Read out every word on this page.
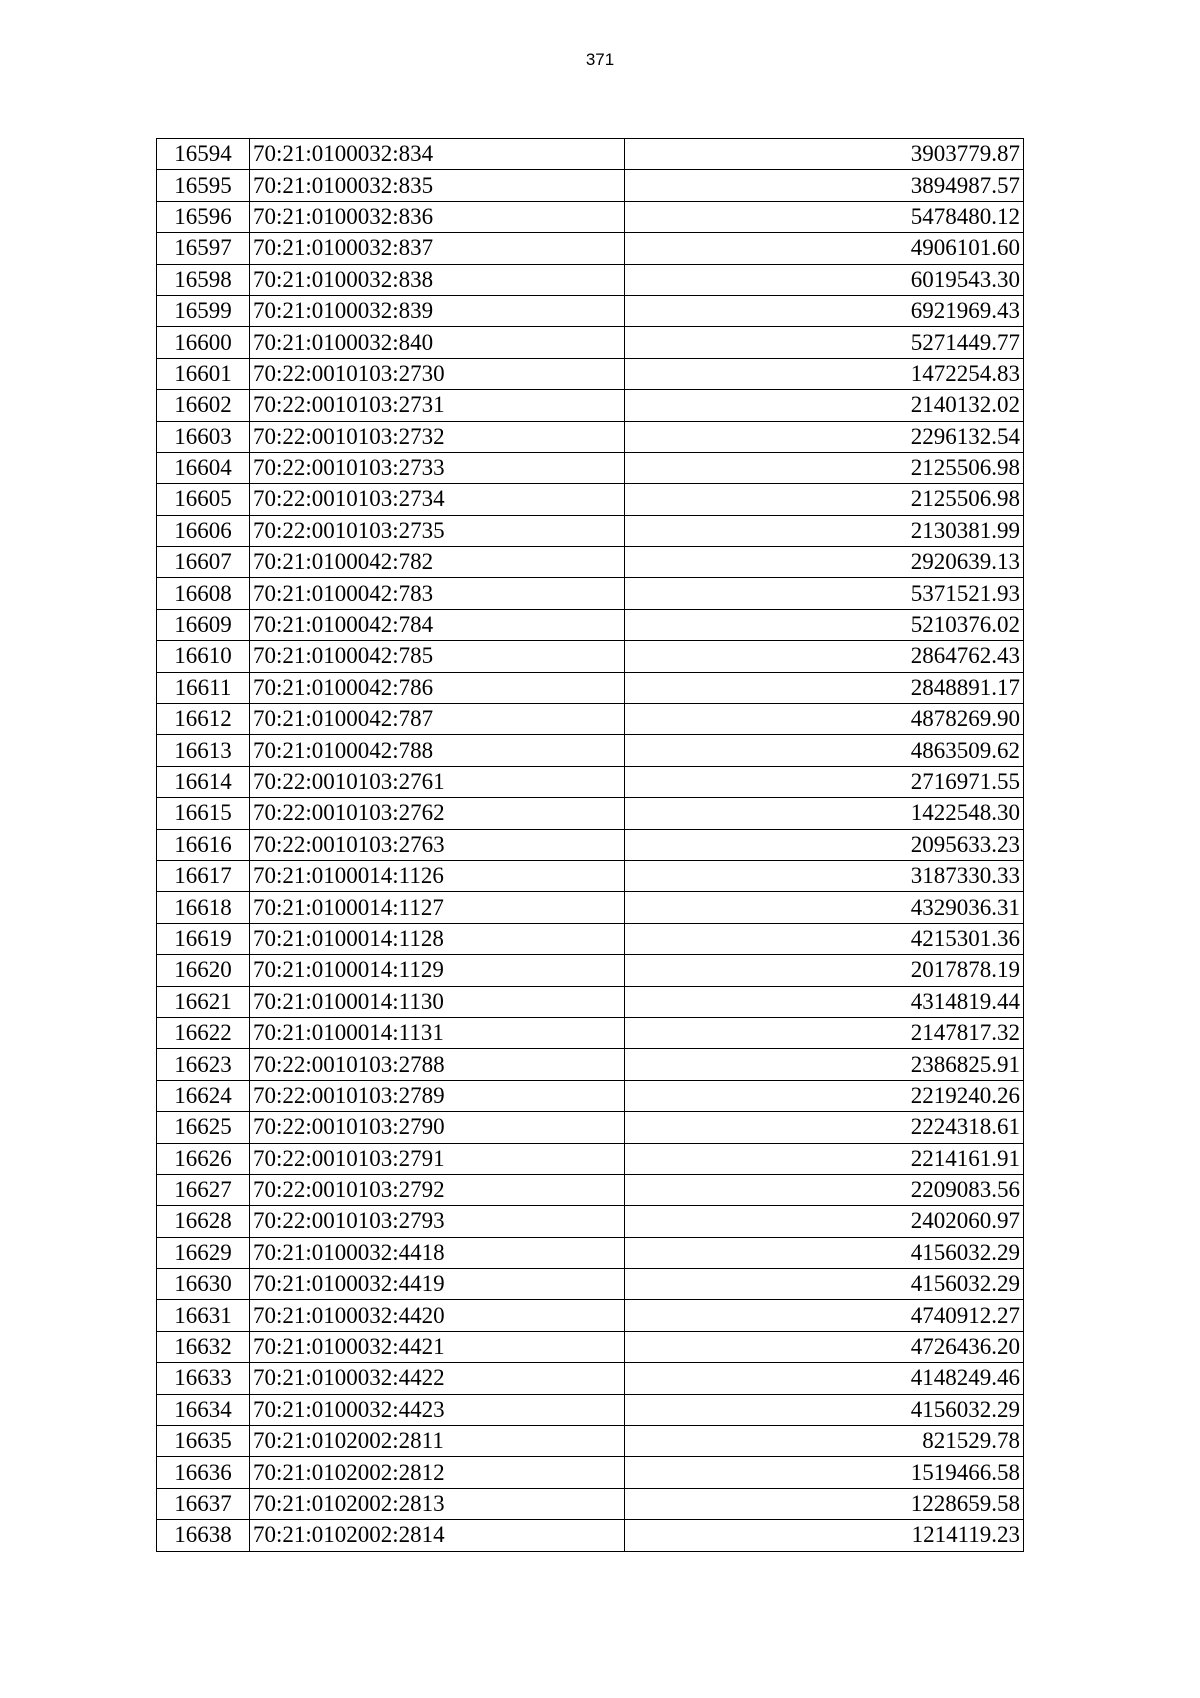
371
16594	70:21:0100032:834	3903779.87
16595	70:21:0100032:835	3894987.57
16596	70:21:0100032:836	5478480.12
16597	70:21:0100032:837	4906101.60
16598	70:21:0100032:838	6019543.30
16599	70:21:0100032:839	6921969.43
16600	70:21:0100032:840	5271449.77
16601	70:22:0010103:2730	1472254.83
16602	70:22:0010103:2731	2140132.02
16603	70:22:0010103:2732	2296132.54
16604	70:22:0010103:2733	2125506.98
16605	70:22:0010103:2734	2125506.98
16606	70:22:0010103:2735	2130381.99
16607	70:21:0100042:782	2920639.13
16608	70:21:0100042:783	5371521.93
16609	70:21:0100042:784	5210376.02
16610	70:21:0100042:785	2864762.43
16611	70:21:0100042:786	2848891.17
16612	70:21:0100042:787	4878269.90
16613	70:21:0100042:788	4863509.62
16614	70:22:0010103:2761	2716971.55
16615	70:22:0010103:2762	1422548.30
16616	70:22:0010103:2763	2095633.23
16617	70:21:0100014:1126	3187330.33
16618	70:21:0100014:1127	4329036.31
16619	70:21:0100014:1128	4215301.36
16620	70:21:0100014:1129	2017878.19
16621	70:21:0100014:1130	4314819.44
16622	70:21:0100014:1131	2147817.32
16623	70:22:0010103:2788	2386825.91
16624	70:22:0010103:2789	2219240.26
16625	70:22:0010103:2790	2224318.61
16626	70:22:0010103:2791	2214161.91
16627	70:22:0010103:2792	2209083.56
16628	70:22:0010103:2793	2402060.97
16629	70:21:0100032:4418	4156032.29
16630	70:21:0100032:4419	4156032.29
16631	70:21:0100032:4420	4740912.27
16632	70:21:0100032:4421	4726436.20
16633	70:21:0100032:4422	4148249.46
16634	70:21:0100032:4423	4156032.29
16635	70:21:0102002:2811	821529.78
16636	70:21:0102002:2812	1519466.58
16637	70:21:0102002:2813	1228659.58
16638	70:21:0102002:2814	1214119.23
